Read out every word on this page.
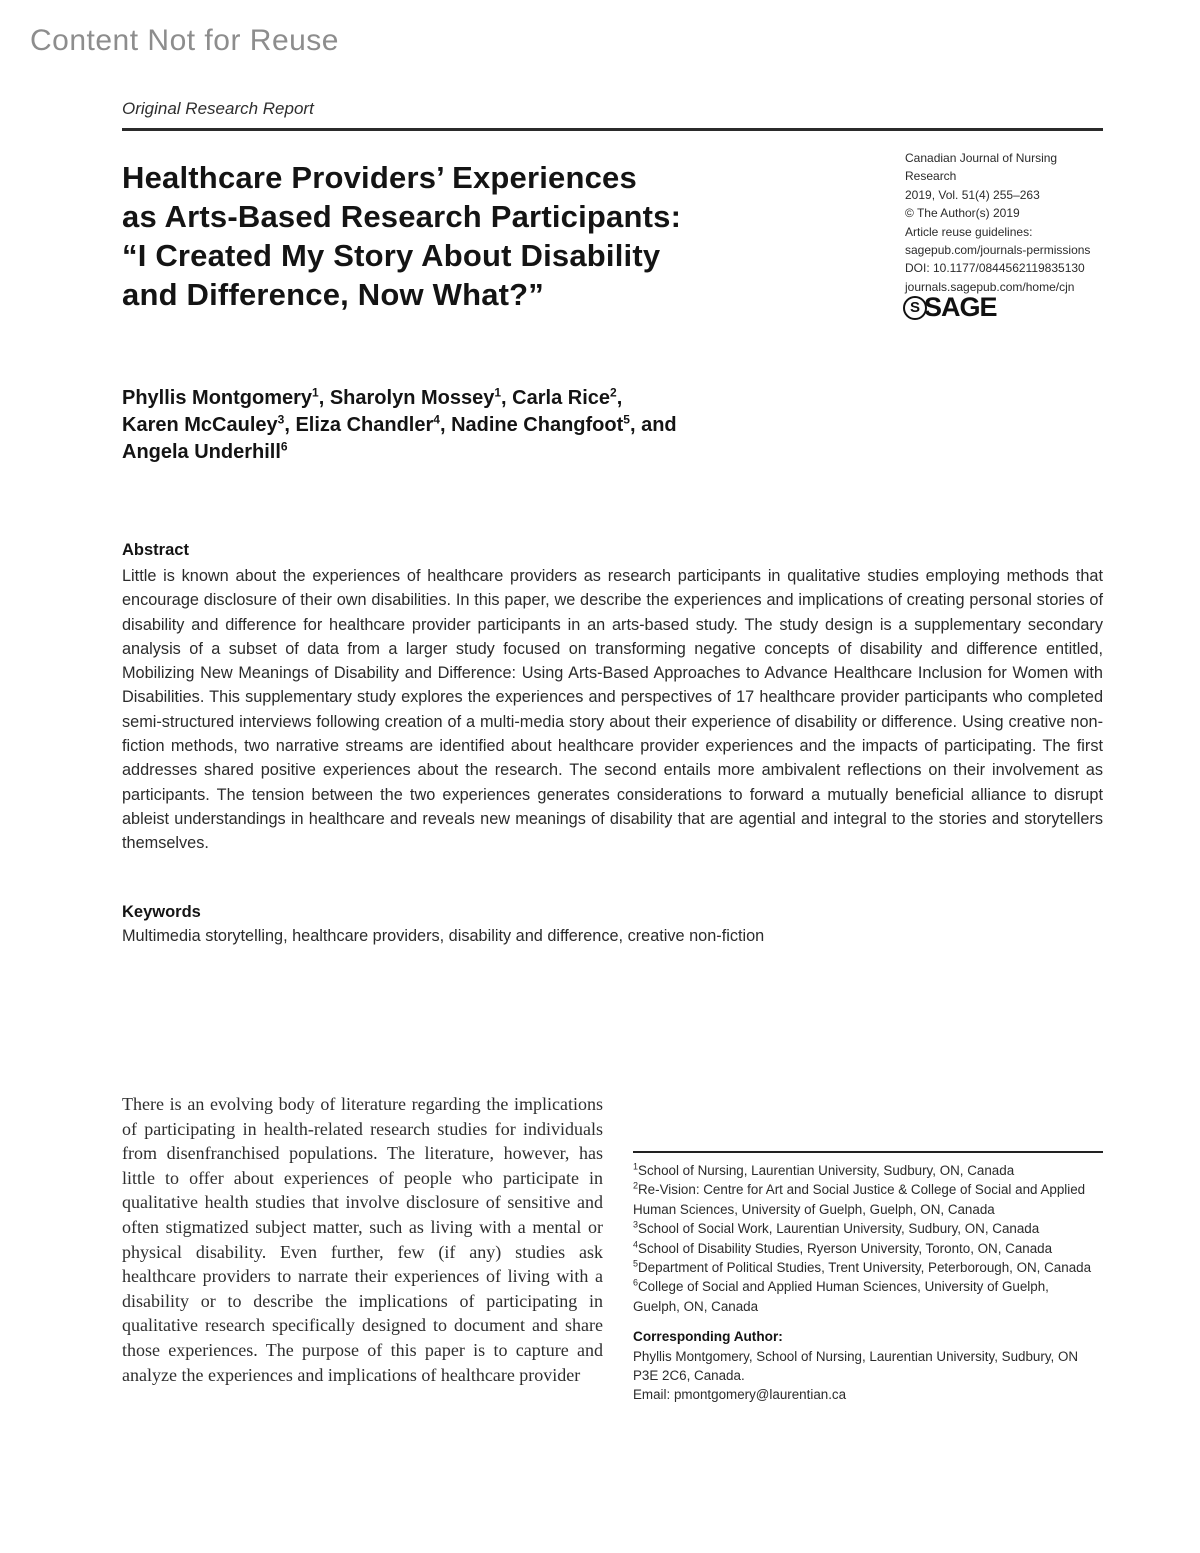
Content Not for Reuse
Original Research Report
Healthcare Providers’ Experiences
as Arts-Based Research Participants:
“I Created My Story About Disability
and Difference, Now What?”
Canadian Journal of Nursing
Research
2019, Vol. 51(4) 255–263
© The Author(s) 2019
Article reuse guidelines:
sagepub.com/journals-permissions
DOI: 10.1177/0844562119835130
journals.sagepub.com/home/cjn
S SAGE
Phyllis Montgomery$^1$, Sharolyn Mossey$^1$, Carla Rice$^2$,
Karen McCauley$^3$, Eliza Chandler$^4$, Nadine Changfoot$^5$, and
Angela Underhill$^6$
Abstract
Little is known about the experiences of healthcare providers as research participants in qualitative studies employing methods that encourage disclosure of their own disabilities. In this paper, we describe the experiences and implications of creating personal stories of disability and difference for healthcare provider participants in an arts-based study. The study design is a supplementary secondary analysis of a subset of data from a larger study focused on transforming negative concepts of disability and difference entitled, Mobilizing New Meanings of Disability and Difference: Using Arts-Based Approaches to Advance Healthcare Inclusion for Women with Disabilities. This supplementary study explores the experiences and perspectives of 17 healthcare provider participants who completed semi-structured interviews following creation of a multi-media story about their experience of disability or difference. Using creative non-fiction methods, two narrative streams are identified about healthcare provider experiences and the impacts of participating. The first addresses shared positive experiences about the research. The second entails more ambivalent reflections on their involvement as participants. The tension between the two experiences generates considerations to forward a mutually beneficial alliance to disrupt ableist understandings in healthcare and reveals new meanings of disability that are agential and integral to the stories and storytellers themselves.
Keywords
Multimedia storytelling, healthcare providers, disability and difference, creative non-fiction
There is an evolving body of literature regarding the implications of participating in health-related research studies for individuals from disenfranchised populations. The literature, however, has little to offer about experiences of people who participate in qualitative health studies that involve disclosure of sensitive and often stigmatized subject matter, such as living with a mental or physical disability. Even further, few (if any) studies ask healthcare providers to narrate their experiences of living with a disability or to describe the implications of participating in qualitative research specifically designed to document and share those experiences. The purpose of this paper is to capture and analyze the experiences and implications of healthcare provider
$^1$School of Nursing, Laurentian University, Sudbury, ON, Canada
$^2$Re-Vision: Centre for Art and Social Justice & College of Social and Applied Human Sciences, University of Guelph, Guelph, ON, Canada
$^3$School of Social Work, Laurentian University, Sudbury, ON, Canada
$^4$School of Disability Studies, Ryerson University, Toronto, ON, Canada
$^5$Department of Political Studies, Trent University, Peterborough, ON, Canada
$^6$College of Social and Applied Human Sciences, University of Guelph, Guelph, ON, Canada
Corresponding Author:
Phyllis Montgomery, School of Nursing, Laurentian University, Sudbury, ON P3E 2C6, Canada.
Email: pmontgomery@laurentian.ca
